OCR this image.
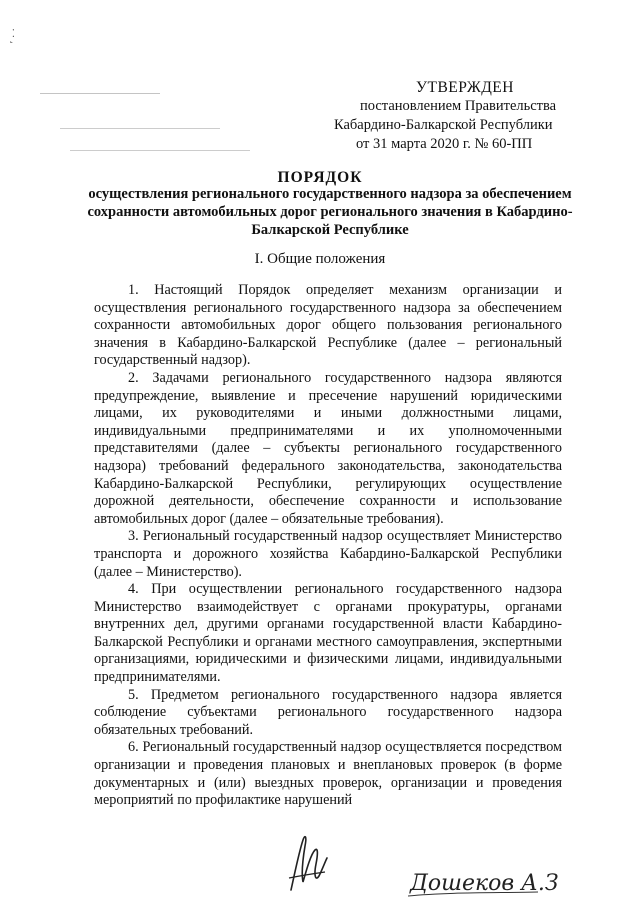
′ · ·
УТВЕРЖДЕН
постановлением Правительства
Кабардино-Балкарской Республики
от 31 марта 2020 г. № 60-ПП
ПОРЯДОК
осуществления регионального государственного надзора за обеспечением сохранности автомобильных дорог регионального значения в Кабардино-Балкарской Республике
I. Общие положения

1. Настоящий Порядок определяет механизм организации и осуществления регионального государственного надзора за обеспечением сохранности автомобильных дорог общего пользования регионального значения в Кабардино-Балкарской Республике (далее – региональный государственный надзор).

2. Задачами регионального государственного надзора являются предупреждение, выявление и пресечение нарушений юридическими лицами, их руководителями и иными должностными лицами, индивидуальными предпринимателями и их уполномоченными представителями (далее – субъекты регионального государственного надзора) требований федерального законодательства, законодательства Кабардино-Балкарской Республики, регулирующих осуществление дорожной деятельности, обеспечение сохранности и использование автомобильных дорог (далее – обязательные требования).

3. Региональный государственный надзор осуществляет Министерство транспорта и дорожного хозяйства Кабардино-Балкарской Республики (далее – Министерство).

4. При осуществлении регионального государственного надзора Министерство взаимодействует с органами прокуратуры, органами внутренних дел, другими органами государственной власти Кабардино-Балкарской Республики и органами местного самоуправления, экспертными организациями, юридическими и физическими лицами, индивидуальными предпринимателями.

5. Предметом регионального государственного надзора является соблюдение субъектами регионального государственного надзора обязательных требований.

6. Региональный государственный надзор осуществляется посредством организации и проведения плановых и внеплановых проверок (в форме документарных и (или) выездных проверок, организации и проведения мероприятий по профилактике нарушений

Дошеков А.З
